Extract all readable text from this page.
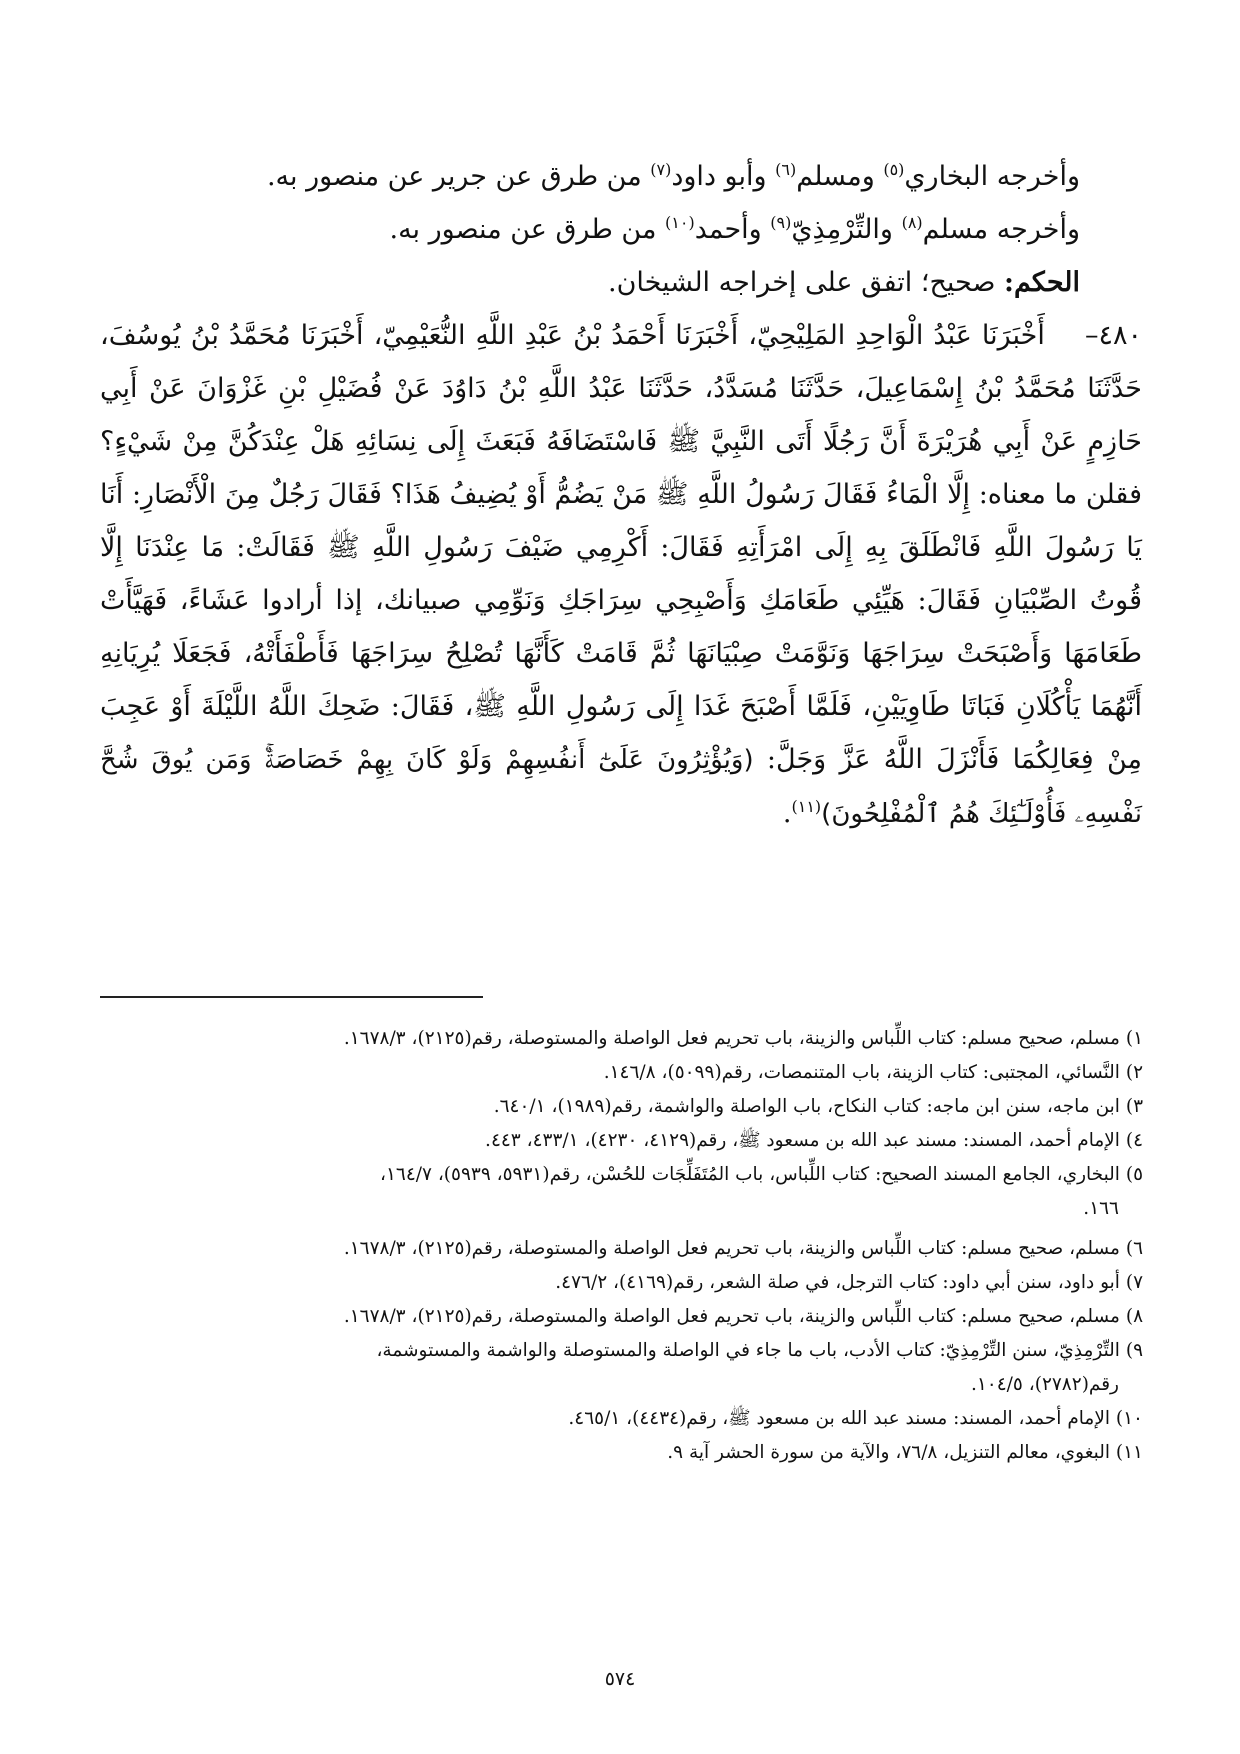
وأخرجه البخاري$^{(٥)}$ ومسلم$^{(٦)}$ وأبو داود$^{(٧)}$ من طرق عن جرير عن منصور به.

وأخرجه مسلم$^{(٨)}$ والتِّرْمِذِيّ$^{(٩)}$ وأحمد$^{(١٠)}$ من طرق عن منصور به.

الحكم: صحيح؛ اتفق على إخراجه الشيخان.

٤٨٠–    أَخْبَرَنَا عَبْدُ الْوَاحِدِ المَلِيْحِيّ، أَخْبَرَنَا أَحْمَدُ بْنُ عَبْدِ اللَّهِ النُّعَيْمِيّ، أَخْبَرَنَا مُحَمَّدُ بْنُ يُوسُفَ، حَدَّثَنَا مُحَمَّدُ بْنُ إِسْمَاعِيلَ، حَدَّثَنَا مُسَدَّدُ، حَدَّثَنَا عَبْدُ اللَّهِ بْنُ دَاوُدَ عَنْ فُضَيْلِ بْنِ غَزْوَانَ عَنْ أَبِي حَازِمٍ عَنْ أَبِي هُرَيْرَةَ أَنَّ رَجُلًا أَتَى النَّبِيَّ ﷺ فَاسْتَضَافَهُ فَبَعَثَ إِلَى نِسَائِهِ هَلْ عِنْدَكُنَّ مِنْ شَيْءٍ؟ فقلن ما معناه: إِلَّا الْمَاءُ فَقَالَ رَسُولُ اللَّهِ ﷺ مَنْ يَضُمُّ أَوْ يُضِيفُ هَذَا؟ فَقَالَ رَجُلٌ مِنَ الْأَنْصَارِ: أَنَا يَا رَسُولَ اللَّهِ فَانْطَلَقَ بِهِ إِلَى امْرَأَتِهِ فَقَالَ: أَكْرِمِي ضَيْفَ رَسُولِ اللَّهِ ﷺ فَقَالَتْ: مَا عِنْدَنَا إِلَّا قُوتُ الصِّبْيَانِ فَقَالَ: هَيِّئِي طَعَامَكِ وَأَصْبِحِي سِرَاجَكِ وَنَوِّمِي صبيانك، إذا أرادوا عَشَاءً، فَهَيَّأَتْ طَعَامَهَا وَأَصْبَحَتْ سِرَاجَهَا وَنَوَّمَتْ صِبْيَانَهَا ثُمَّ قَامَتْ كَأَنَّهَا تُصْلِحُ سِرَاجَهَا فَأَطْفَأَتْهُ، فَجَعَلَا يُرِيَانِهِ أَنَّهُمَا يَأْكُلَانِ فَبَاتَا طَاوِيَيْنِ، فَلَمَّا أَصْبَحَ غَدَا إِلَى رَسُولِ اللَّهِ ﷺ، فَقَالَ: ضَحِكَ اللَّهُ اللَّيْلَةَ أَوْ عَجِبَ مِنْ فِعَالِكُمَا فَأَنْزَلَ اللَّهُ عَزَّ وَجَلَّ: (وَيُؤْثِرُونَ عَلَىٰٓ أَنفُسِهِمْ وَلَوْ كَانَ بِهِمْ خَصَاصَةٌۚ وَمَن يُوقَ شُحَّ نَفْسِهِۦ فَأُوْلَـٰٓئِكَ هُمُ ٱلْمُفْلِحُونَ)$^{(١١)}$.

١) مسلم، صحيح مسلم: كتاب اللِّباس والزينة، باب تحريم فعل الواصلة والمستوصلة، رقم(٢١٢٥)، ١٦٧٨/٣.

٢) النَّسائي، المجتبى: كتاب الزينة، باب المتنمصات، رقم(٥٠٩٩)، ١٤٦/٨.

٣) ابن ماجه، سنن ابن ماجه: كتاب النكاح، باب الواصلة والواشمة، رقم(١٩٨٩)، ٦٤٠/١.

٤) الإمام أحمد، المسند: مسند عبد الله بن مسعود ﷺ، رقم(٤١٢٩، ٤٢٣٠)، ٤٣٣/١، ٤٤٣.

٥) البخاري، الجامع المسند الصحيح: كتاب اللِّباس، باب المُتَفَلِّجَات للحُسْن، رقم(٥٩٣١، ٥٩٣٩)، ١٦٤/٧،
١٦٦.

٦) مسلم، صحيح مسلم: كتاب اللِّباس والزينة، باب تحريم فعل الواصلة والمستوصلة، رقم(٢١٢٥)، ١٦٧٨/٣.

٧) أبو داود، سنن أبي داود: كتاب الترجل، في صلة الشعر، رقم(٤١٦٩)، ٤٧٦/٢.

٨) مسلم، صحيح مسلم: كتاب اللِّباس والزينة، باب تحريم فعل الواصلة والمستوصلة، رقم(٢١٢٥)، ١٦٧٨/٣.

٩) التِّرْمِذِيّ، سنن التِّرْمِذِيّ: كتاب الأدب، باب ما جاء في الواصلة والمستوصلة والواشمة والمستوشمة،
رقم(٢٧٨٢)، ١٠٤/٥.

١٠) الإمام أحمد، المسند: مسند عبد الله بن مسعود ﷺ، رقم(٤٤٣٤)، ٤٦٥/١.

١١) البغوي، معالم التنزيل، ٧٦/٨، والآية من سورة الحشر آية ٩.

٥٧٤
